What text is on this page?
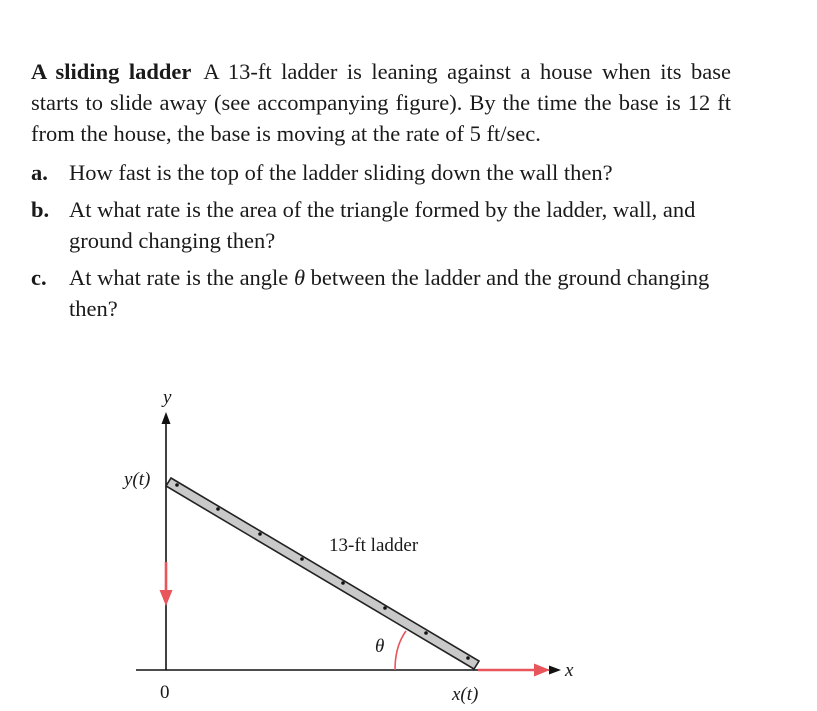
A sliding ladder A 13-ft ladder is leaning against a house when its base starts to slide away (see accompanying figure). By the time the base is 12 ft from the house, the base is moving at the rate of 5 ft/sec.

a. How fast is the top of the ladder sliding down the wall then?
b. At what rate is the area of the triangle formed by the ladder, wall, and ground changing then?
c. At what rate is the angle θ between the ladder and the ground changing then?
y
x
0
y(t)
x(t)
13-ft ladder
θ
